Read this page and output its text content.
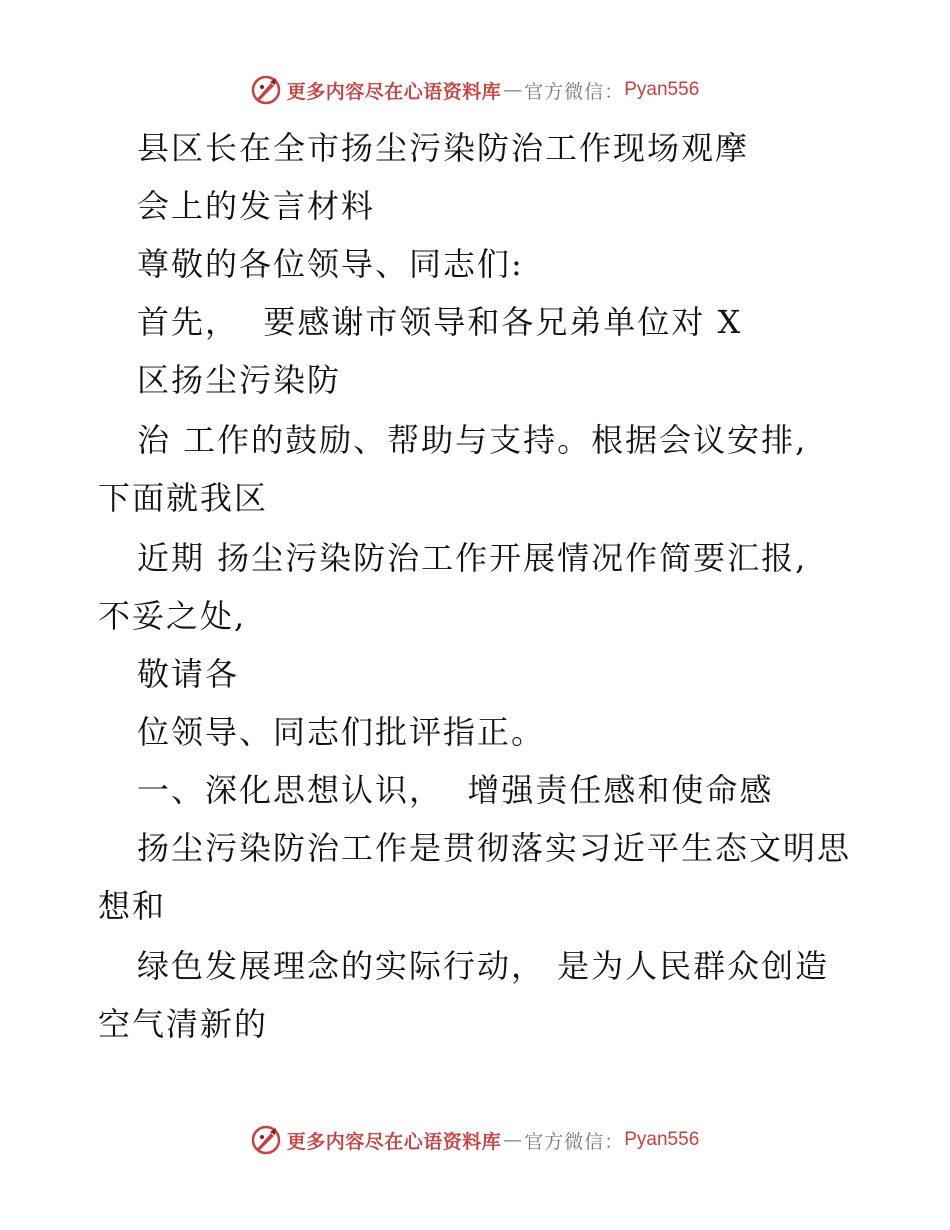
更多内容尽在心语资料库 — 官方微信： Pyan556
县区长在全市扬尘污染防治工作现场观摩
会上的发言材料
尊敬的各位领导、同志们:
首先，  要感谢市领导和各兄弟单位对 X
区扬尘污染防
治 工作的鼓励、帮助与支持。根据会议安排,
下面就我区
近期 扬尘污染防治工作开展情况作简要汇报,
不妥之处,
敬请各
位领导、同志们批评指正。
一、深化思想认识，  增强责任感和使命感
扬尘污染防治工作是贯彻落实习近平生态文明思
想和
绿色发展理念的实际行动， 是为人民群众创造
空气清新的
更多内容尽在心语资料库 — 官方微信： Pyan556
